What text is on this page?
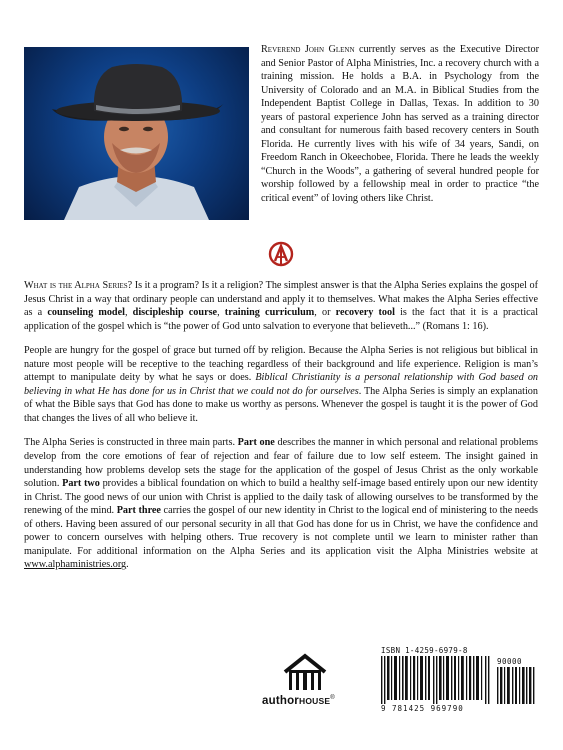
Reverend John Glenn currently serves as the Executive Director and Senior Pastor of Alpha Ministries, Inc. a recovery church with a training mission. He holds a B.A. in Psychology from the University of Colorado and an M.A. in Biblical Studies from the Independent Baptist College in Dallas, Texas. In addition to 30 years of pastoral experience John has served as a training director and consultant for numerous faith based recovery centers in South Florida. He currently lives with his wife of 34 years, Sandi, on Freedom Ranch in Okeechobee, Florida. There he leads the weekly “Church in the Woods”, a gathering of several hundred people for worship followed by a fellowship meal in order to practice “the critical event” of loving others like Christ.

What is the Alpha Series? Is it a program? Is it a religion? The simplest answer is that the Alpha Series explains the gospel of Jesus Christ in a way that ordinary people can understand and apply it to themselves. What makes the Alpha Series effective as a counseling model, discipleship course, training curriculum, or recovery tool is the fact that it is a practical application of the gospel which is “the power of God unto salvation to everyone that believeth...” (Romans 1: 16).

People are hungry for the gospel of grace but turned off by religion. Because the Alpha Series is not religious but biblical in nature most people will be receptive to the teaching regardless of their background and life experience. Religion is man’s attempt to manipulate deity by what he says or does. Biblical Christianity is a personal relationship with God based on believing in what He has done for us in Christ that we could not do for ourselves. The Alpha Series is simply an explanation of what the Bible says that God has done to make us worthy as persons. Whenever the gospel is taught it is the power of God that changes the lives of all who believe it.

The Alpha Series is constructed in three main parts. Part one describes the manner in which personal and relational problems develop from the core emotions of fear of rejection and fear of failure due to low self esteem. The insight gained in understanding how problems develop sets the stage for the application of the gospel of Jesus Christ as the only workable solution. Part two provides a biblical foundation on which to build a healthy self-image based entirely upon our new identity in Christ. The good news of our union with Christ is applied to the daily task of allowing ourselves to be transformed by the renewing of the mind. Part three carries the gospel of our new identity in Christ to the logical end of ministering to the needs of others. Having been assured of our personal security in all that God has done for us in Christ, we have the confidence and power to concern ourselves with helping others. True recovery is not complete until we learn to minister rather than manipulate. For additional information on the Alpha Series and its application visit the Alpha Ministries website at www.alphaministries.org.

authorHOUSE®
ISBN 1-4259-6979-8
90000
9 781425 969790
